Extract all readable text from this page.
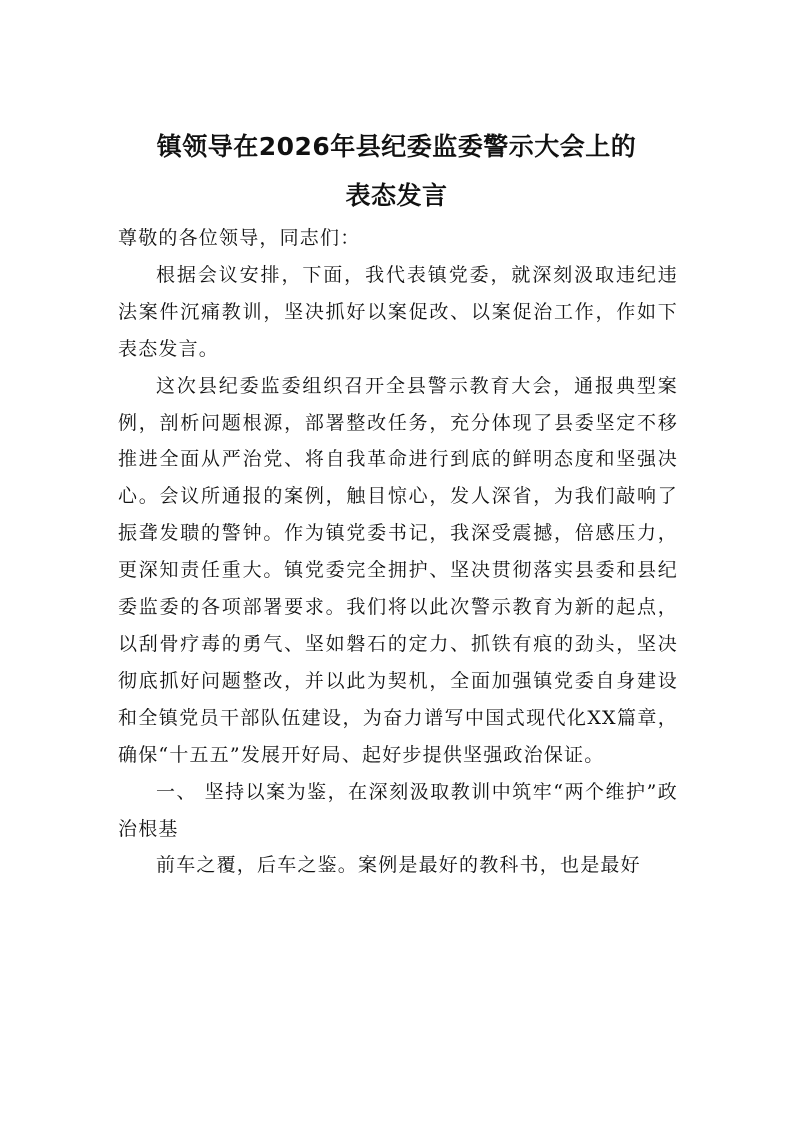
镇领导在2026年县纪委监委警示大会上的
表态发言

尊敬的各位领导，同志们：

根据会议安排，下面，我代表镇党委，就深刻汲取违纪违法案件沉痛教训，坚决抓好以案促改、以案促治工作，作如下表态发言。

这次县纪委监委组织召开全县警示教育大会，通报典型案例，剖析问题根源，部署整改任务，充分体现了县委坚定不移推进全面从严治党、将自我革命进行到底的鲜明态度和坚强决心。会议所通报的案例，触目惊心，发人深省，为我们敲响了振聋发聩的警钟。作为镇党委书记，我深受震撼，倍感压力，更深知责任重大。镇党委完全拥护、坚决贯彻落实县委和县纪委监委的各项部署要求。我们将以此次警示教育为新的起点，以刮骨疗毒的勇气、坚如磐石的定力、抓铁有痕的劲头，坚决彻底抓好问题整改，并以此为契机，全面加强镇党委自身建设和全镇党员干部队伍建设，为奋力谱写中国式现代化XX篇章，确保“十五五”发展开好局、起好步提供坚强政治保证。

一、 坚持以案为鉴，在深刻汲取教训中筑牢“两个维护”政治根基

前车之覆，后车之鉴。案例是最好的教科书，也是最好
